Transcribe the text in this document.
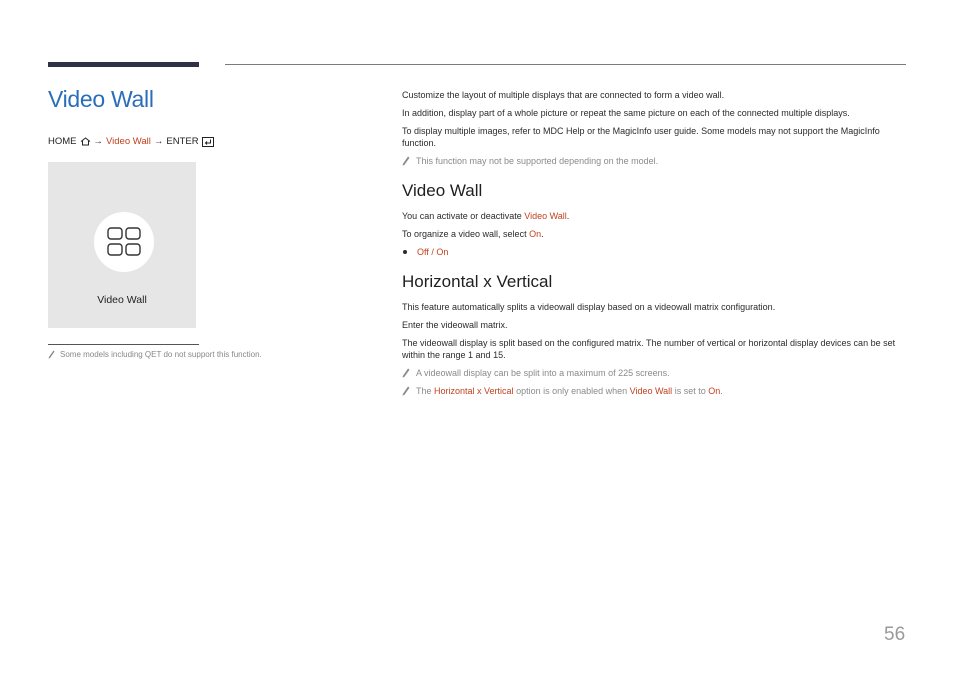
Video Wall
HOME → Video Wall → ENTER
Video Wall
Some models including QET do not support this function.

Customize the layout of multiple displays that are connected to form a video wall.

In addition, display part of a whole picture or repeat the same picture on each of the connected multiple displays.

To display multiple images, refer to MDC Help or the MagicInfo user guide. Some models may not support the MagicInfo function.

This function may not be supported depending on the model.
Video Wall

You can activate or deactivate Video Wall.

To organize a video wall, select On.

Off / On
Horizontal x Vertical

This feature automatically splits a videowall display based on a videowall matrix configuration.

Enter the videowall matrix.

The videowall display is split based on the configured matrix. The number of vertical or horizontal display devices can be set within the range 1 and 15.

A videowall display can be split into a maximum of 225 screens.
The Horizontal x Vertical option is only enabled when Video Wall is set to On.
56
